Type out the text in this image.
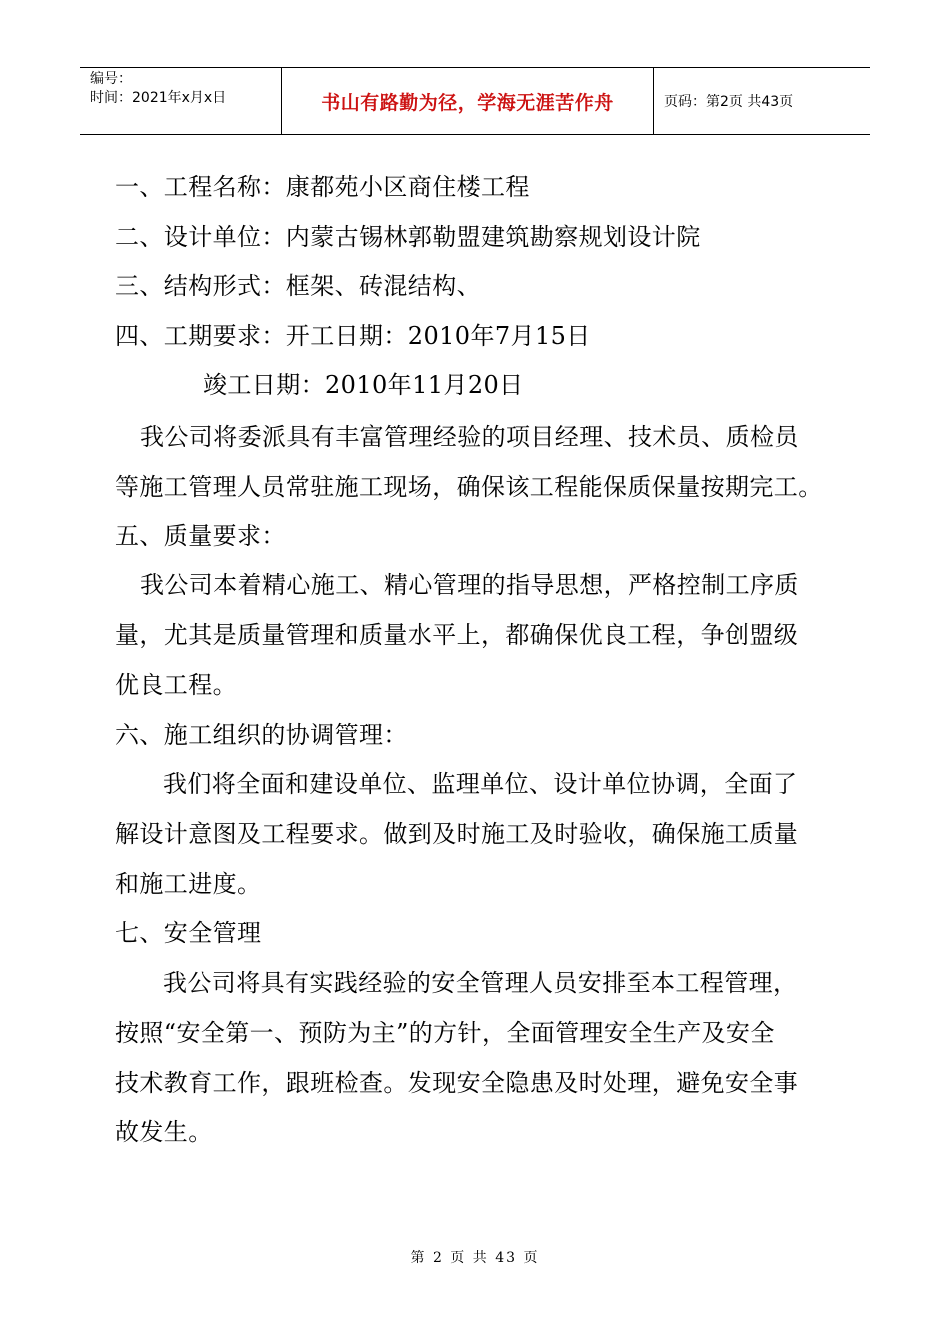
编号：
时间：2021年x月x日	书山有路勤为径，学海无涯苦作舟	页码：第2页 共43页
一、工程名称：康都苑小区商住楼工程
二、设计单位：内蒙古锡林郭勒盟建筑勘察规划设计院
三、结构形式：框架、砖混结构、
四、工期要求：开工日期：2010年7月15日
竣工日期：2010年11月20日
我公司将委派具有丰富管理经验的项目经理、技术员、质检员
等施工管理人员常驻施工现场，确保该工程能保质保量按期完工。
五、质量要求：
我公司本着精心施工、精心管理的指导思想，严格控制工序质
量，尤其是质量管理和质量水平上，都确保优良工程，争创盟级
优良工程。
六、施工组织的协调管理：
我们将全面和建设单位、监理单位、设计单位协调，全面了
解设计意图及工程要求。做到及时施工及时验收，确保施工质量
和施工进度。
七、安全管理
我公司将具有实践经验的安全管理人员安排至本工程管理，
按照“安全第一、预防为主”的方针，全面管理安全生产及安全
技术教育工作，跟班检查。发现安全隐患及时处理，避免安全事
故发生。
第 2 页 共 43 页
